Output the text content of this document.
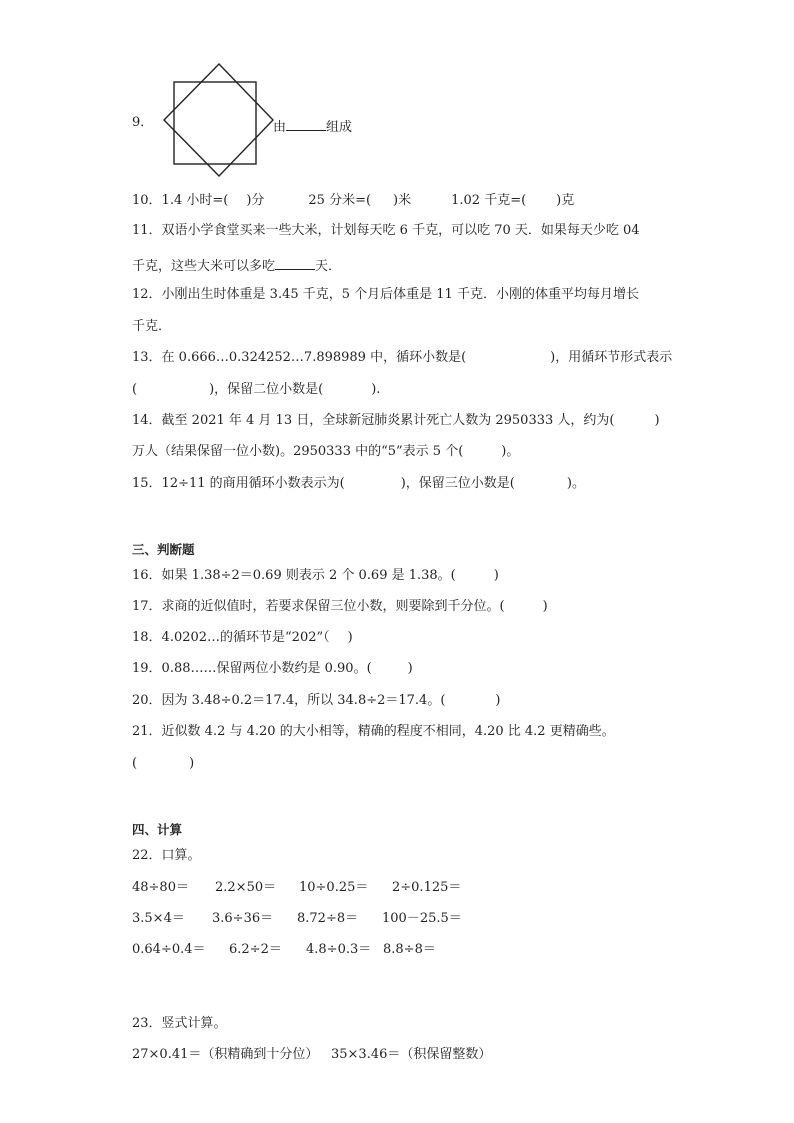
9．	由	组成
10．1.4 小时=( )分	25 分米=( )米	1.02 千克=( )克
11．双语小学食堂买来一些大米，计划每天吃 6 千克，可以吃 70 天．如果每天少吃 04
千克，这些大米可以多吃	天．
12．小刚出生时体重是 3.45 千克，5 个月后体重是 11 千克．小刚的体重平均每月增长
千克．
13．在 0.666…0.324252…7.898989 中，循环小数是(	)，用循环节形式表示
(	)，保留二位小数是(	).
14．截至 2021 年 4 月 13 日，全球新冠肺炎累计死亡人数为 2950333 人，约为(	)
万人（结果保留一位小数)。2950333 中的“5”表示 5 个(	)。
15．12÷11 的商用循环小数表示为(	)，保留三位小数是(	)。
三、判断题
16．如果 1.38÷2＝0.69 则表示 2 个 0.69 是 1.38。(	)
17．求商的近似值时，若要求保留三位小数，则要除到千分位。(	)
18．4.0202…的循环节是“202”（ )
19．0.88……保留两位小数约是 0.90。(	)
20．因为 3.48÷0.2＝17.4，所以 34.8÷2＝17.4。(	)
21．近似数 4.2 与 4.20 的大小相等，精确的程度不相同，4.20 比 4.2 更精确些。
(	)
四、计算
22．口算。
48÷80＝ 2.2×50＝ 10÷0.25＝ 2÷0.125＝
3.5×4＝ 3.6÷36＝ 8.72÷8＝ 100－25.5＝
0.64÷0.4＝ 6.2÷2＝ 4.8÷0.3＝ 8.8÷8＝
23．竖式计算。
27×0.41＝（积精确到十分位） 35×3.46＝（积保留整数）
